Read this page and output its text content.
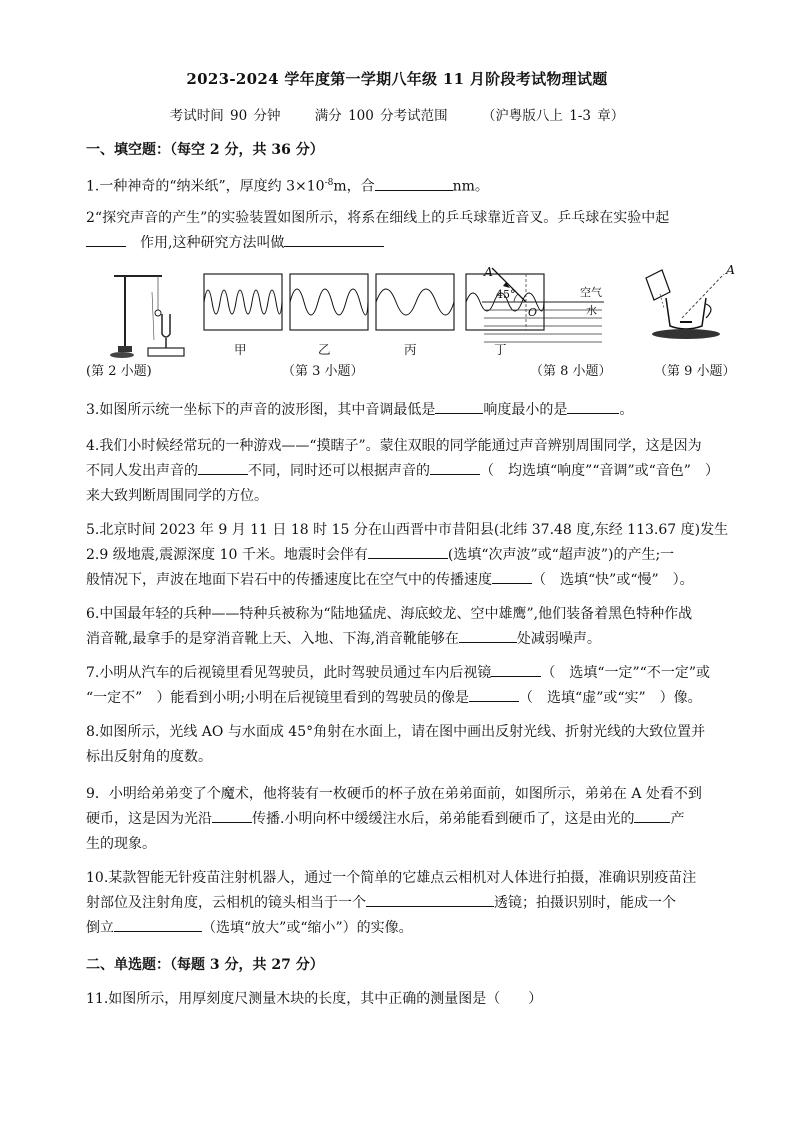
2023-2024 学年度第一学期八年级 11 月阶段考试物理试题
考试时间 90 分钟	满分 100 分考试范围	（沪粤版八上 1-3 章）
一、填空题：（每空 2 分，共 36 分）
1.一种神奇的“纳米纸”，厚度约 $3\times 10^{-8}m$，合	nm。
2“探究声音的产生”的实验装置如图所示，将系在细线上的乒乓球靠近音叉。乒乓球在实验中起
　作用,这种研究方法叫做
甲	乙	丙	丁
A
45°
O
空气
水
A
(第 2 小题)	（第 3 小题）	（第 8 小题）	（第 9 小题）
3.如图所示统一坐标下的声音的波形图，其中音调最低是	响度最小的是	。
4.我们小时候经常玩的一种游戏——“摸瞎子”。蒙住双眼的同学能通过声音辨别周围同学，这是因为
不同人发出声音的	不同，同时还可以根据声音的	（　均选填“响度”“音调”或“音色”　）
来大致判断周围同学的方位。
5.北京时间 2023 年 9 月 11 日 18 时 15 分在山西晋中市昔阳县(北纬 37.48 度,东经 113.67 度)发生
2.9 级地震,震源深度 10 千米。地震时会伴有	(选填“次声波”或“超声波”)的产生;一
般情况下，声波在地面下岩石中的传播速度比在空气中的传播速度	（　选填“快”或“慢”　）。
6.中国最年轻的兵种——特种兵被称为“陆地猛虎、海底蛟龙、空中雄鹰”,他们装备着黑色特种作战
消音靴,最拿手的是穿消音靴上天、入地、下海,消音靴能够在	处减弱噪声。
7.小明从汽车的后视镜里看见驾驶员，此时驾驶员通过车内后视镜	（　选填“一定”“不一定”或
“一定不”　）能看到小明;小明在后视镜里看到的驾驶员的像是	（　选填“虚”或“实”　）像。
8.如图所示，光线 AO 与水面成 45°角射在水面上，请在图中画出反射光线、折射光线的大致位置并
标出反射角的度数。
9．小明给弟弟变了个魔术，他将装有一枚硬币的杯子放在弟弟面前，如图所示，弟弟在 A 处看不到
硬币，这是因为光沿	传播.小明向杯中缓缓注水后，弟弟能看到硬币了，这是由光的	产
生的现象。
10.某款智能无针疫苗注射机器人，通过一个简单的它雄点云相机对人体进行拍摄，准确识别疫苗注
射部位及注射角度，云相机的镜头相当于一个	透镜；拍摄识别时，能成一个
倒立	（选填“放大”或“缩小”）的实像。
二、单选题：（每题 3 分，共 27 分）
11.如图所示，用厚刻度尺测量木块的长度，其中正确的测量图是（　　）
